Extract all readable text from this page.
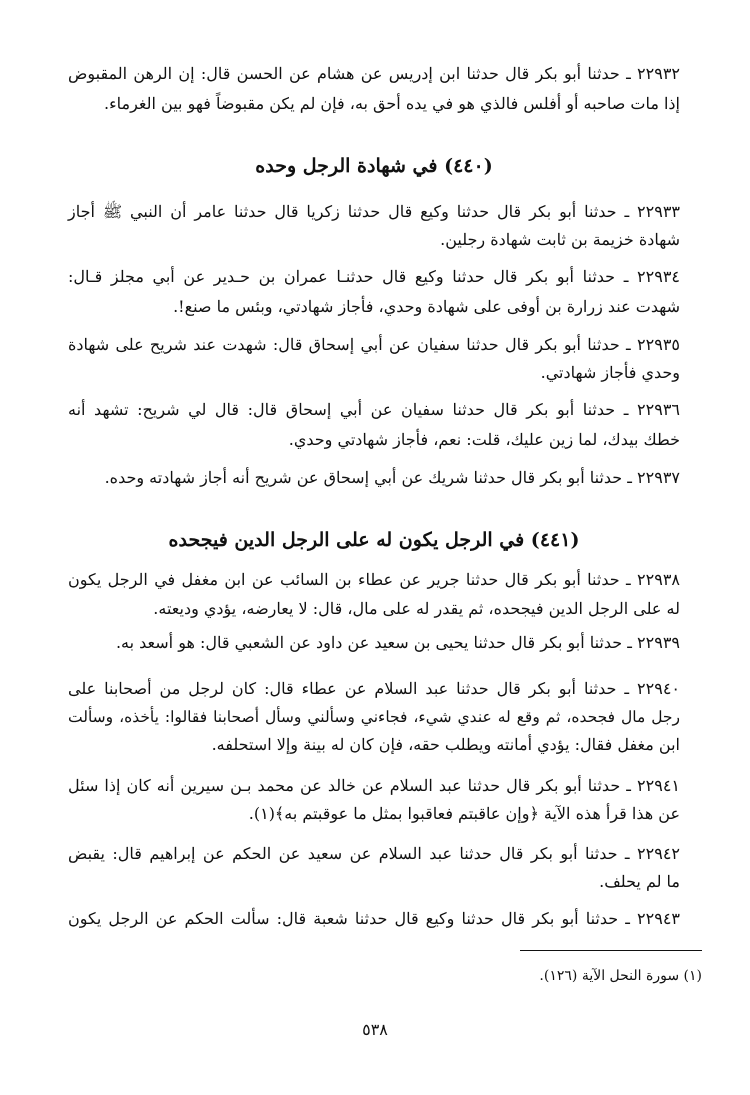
٢٢٩٣٢ ـ حدثنا أبو بكر قال حدثنا ابن إدريس عن هشام عن الحسن قال: إن الرهن المقبوض
إذا مات صاحبه أو أفلس فالذي هو في يده أحق به، فإن لم يكن مقبوضاً فهو بين الغرماء.
(٤٤٠) في شهادة الرجل وحده
٢٢٩٣٣ ـ حدثنا أبو بكر قال حدثنا وكيع قال حدثنا زكريا قال حدثنا عامر أن النبي ﷺ أجاز
شهادة خزيمة بن ثابت شهادة رجلين.
٢٢٩٣٤ ـ حدثنا أبو بكر قال حدثنا وكيع قال حدثنـا عمران بن حـدير عن أبي مجلز قـال:
شهدت عند زرارة بن أوفى على شهادة وحدي، فأجاز شهادتي، وبئس ما صنع!.
٢٢٩٣٥ ـ حدثنا أبو بكر قال حدثنا سفيان عن أبي إسحاق قال: شهدت عند شريح على شهادة
وحدي فأجاز شهادتي.
٢٢٩٣٦ ـ حدثنا أبو بكر قال حدثنا سفيان عن أبي إسحاق قال: قال لي شريح: تشهد أنه
خطك بيدك، لما زين عليك، قلت: نعم، فأجاز شهادتي وحدي.
٢٢٩٣٧ ـ حدثنا أبو بكر قال حدثنا شريك عن أبي إسحاق عن شريح أنه أجاز شهادته وحده.
(٤٤١) في الرجل يكون له على الرجل الدين فيجحده
٢٢٩٣٨ ـ حدثنا أبو بكر قال حدثنا جرير عن عطاء بن السائب عن ابن مغفل في الرجل يكون
له على الرجل الدين فيجحده، ثم يقدر له على مال، قال: لا يعارضه، يؤدي وديعته.
٢٢٩٣٩ ـ حدثنا أبو بكر قال حدثنا يحيى بن سعيد عن داود عن الشعبي قال: هو أسعد به.
٢٢٩٤٠ ـ حدثنا أبو بكر قال حدثنا عبد السلام عن عطاء قال: كان لرجل من أصحابنا على
رجل مال فجحده، ثم وقع له عندي شيء، فجاءني وسألني وسأل أصحابنا فقالوا: يأخذه، وسألت
ابن مغفل فقال: يؤدي أمانته ويطلب حقه، فإن كان له بينة وإلا استحلفه.
٢٢٩٤١ ـ حدثنا أبو بكر قال حدثنا عبد السلام عن خالد عن محمد بـن سيرين أنه كان إذا سئل
عن هذا قرأ هذه الآية ﴿وإن عاقبتم فعاقبوا بمثل ما عوقبتم به﴾(١).
٢٢٩٤٢ ـ حدثنا أبو بكر قال حدثنا عبد السلام عن سعيد عن الحكم عن إبراهيم قال: يقبض
ما لم يحلف.
٢٢٩٤٣ ـ حدثنا أبو بكر قال حدثنا وكيع قال حدثنا شعبة قال: سألت الحكم عن الرجل يكون
(١) سورة النحل الآية (١٢٦).
٥٣٨
